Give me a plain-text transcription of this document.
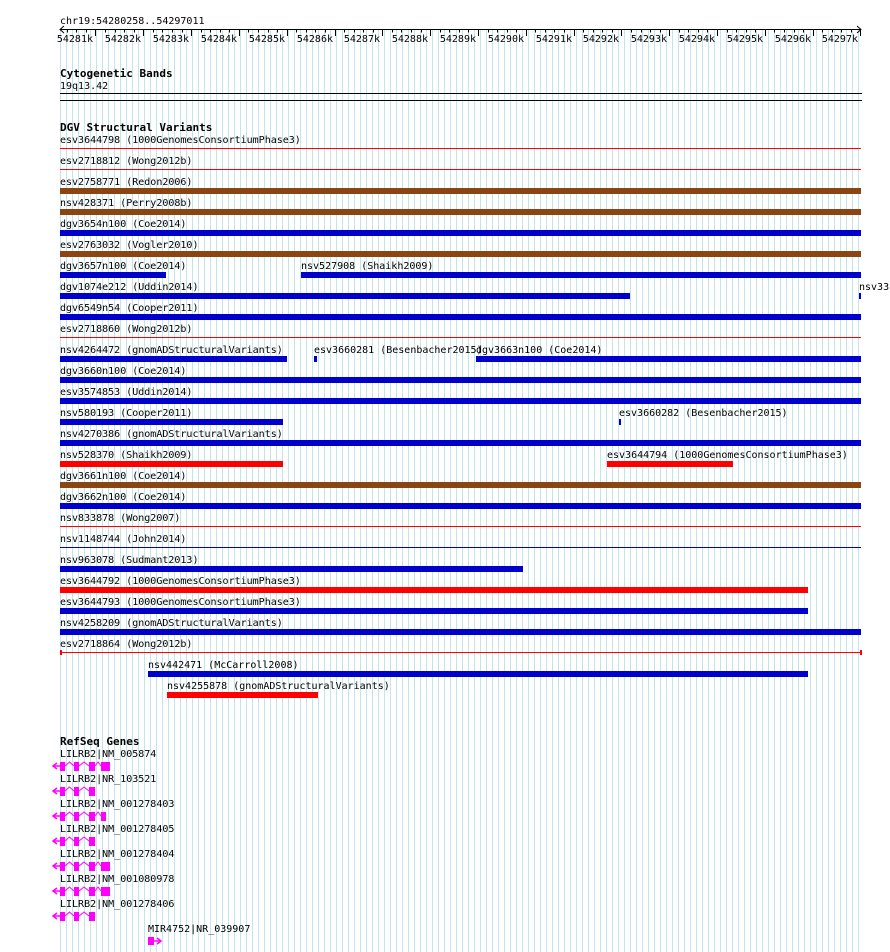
chr19:54280258..54297011
54281k	54282k	54283k	54284k	54285k	54286k	54287k	54288k	54289k	54290k	54291k	54292k	54293k	54294k	54295k	54296k	54297k
Cytogenetic Bands
19q13.42
DGV Structural Variants
esv3644798 (1000GenomesConsortiumPhase3)
esv2718812 (Wong2012b)
esv2758771 (Redon2006)
nsv428371 (Perry2008b)
dgv3654n100 (Coe2014)
esv2763032 (Vogler2010)
dgv3657n100 (Coe2014)	nsv527908 (Shaikh2009)
dgv1074e212 (Uddin2014)	nsv33
dgv6549n54 (Cooper2011)
esv2718860 (Wong2012b)
nsv4264472 (gnomADStructuralVariants)	esv3660281 (Besenbacher2015)
dgv3663n100 (Coe2014)
dgv3660n100 (Coe2014)
esv3574853 (Uddin2014)
nsv580193 (Cooper2011)	esv3660282 (Besenbacher2015)
nsv4270386 (gnomADStructuralVariants)
nsv528370 (Shaikh2009)	esv3644794 (1000GenomesConsortiumPhase3)
dgv3661n100 (Coe2014)
dgv3662n100 (Coe2014)
nsv833878 (Wong2007)
nsv1148744 (John2014)
nsv963078 (Sudmant2013)
esv3644792 (1000GenomesConsortiumPhase3)
esv3644793 (1000GenomesConsortiumPhase3)
nsv4258209 (gnomADStructuralVariants)
esv2718864 (Wong2012b)
nsv442471 (McCarroll2008)
nsv4255878 (gnomADStructuralVariants)
RefSeq Genes
LILRB2|NM_005874
LILRB2|NR_103521
LILRB2|NM_001278403
LILRB2|NM_001278405
LILRB2|NM_001278404
LILRB2|NM_001080978
LILRB2|NM_001278406
MIR4752|NR_039907
